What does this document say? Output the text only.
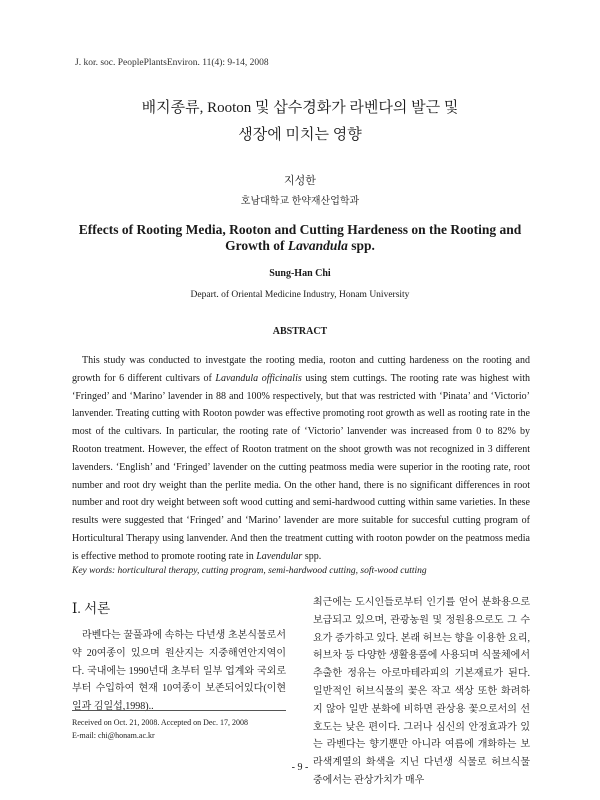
J. kor. soc. PeoplePlantsEnviron. 11(4): 9-14, 2008
배지종류, Rooton 및 삽수경화가 라벤다의 발근 및
생장에 미치는 영향
지성한
호남대학교 한약재산업학과
Effects of Rooting Media, Rooton and Cutting Hardeness on the Rooting and Growth of Lavandula spp.
Sung-Han Chi
Depart. of Oriental Medicine Industry, Honam University
ABSTRACT

This study was conducted to investgate the rooting media, rooton and cutting hardeness on the rooting and growth for 6 different cultivars of Lavandula officinalis using stem cuttings. The rooting rate was highest with ‘Fringed’ and ‘Marino’ lavender in 88 and 100% respectively, but that was restricted with ‘Pinata’ and ‘Victorio’ lanvender. Treating cutting with Rooton powder was effective promoting root growth as well as rooting rate in the most of the cultivars. In particular, the rooting rate of ‘Victorio’ lanvender was increased from 0 to 82% by Rooton treatment. However, the effect of Rooton tratment on the shoot growth was not recognized in 3 different lavenders. ‘English’ and ‘Fringed’ lavender on the cutting peatmoss media were superior in the rooting rate, root number and root dry weight than the perlite media. On the other hand, there is no significant differences in root number and root dry weight between soft wood cutting and semi-hardwood cutting within same varieties. In these results were suggested that ‘Fringed’ and ‘Marino’ lavender are more suitable for succesful cutting program of Horticultural Therapy using lanvender. And then the treatment cutting with rooton powder on the peatmoss media is effective method to promote rooting rate in Lavendular spp.

Key words: horticultural therapy, cutting program, semi-hardwood cutting, soft-wood cutting
Ⅰ. 서론

라벤다는 꿀풀과에 속하는 다년생 초본식물로서 약 20여종이 있으며 원산지는 지중해연안지역이다. 국내에는 1990년대 초부터 일부 업계와 국외로부터 수입하여 현재 10여종이 보존되어있다(이현일과 김일섭,1998)..

Received on Oct. 21, 2008. Accepted on Dec. 17, 2008
E-mail: chi@honam.ac.kr

최근에는 도시인들로부터 인기를 얻어 분화용으로 보급되고 있으며, 관광농원 및 정원용으로도 그 수요가 증가하고 있다. 본래 허브는 향을 이용한 요리, 허브차 등 다양한 생활용품에 사용되며 식물체에서 추출한 정유는 아로마테라피의 기본재료가 된다. 일반적인 허브식물의 꽃은 작고 색상 또한 화려하지 않아 일반 분화에 비하면 관상용 꽃으로서의 선호도는 낮은 편이다. 그러나 심신의 안정효과가 있는 라벤다는 향기뿐만 아니라 여름에 개화하는 보라색계열의 화색을 지닌 다년생 식물로 허브식물 중에서는 관상가치가 매우

- 9 -
